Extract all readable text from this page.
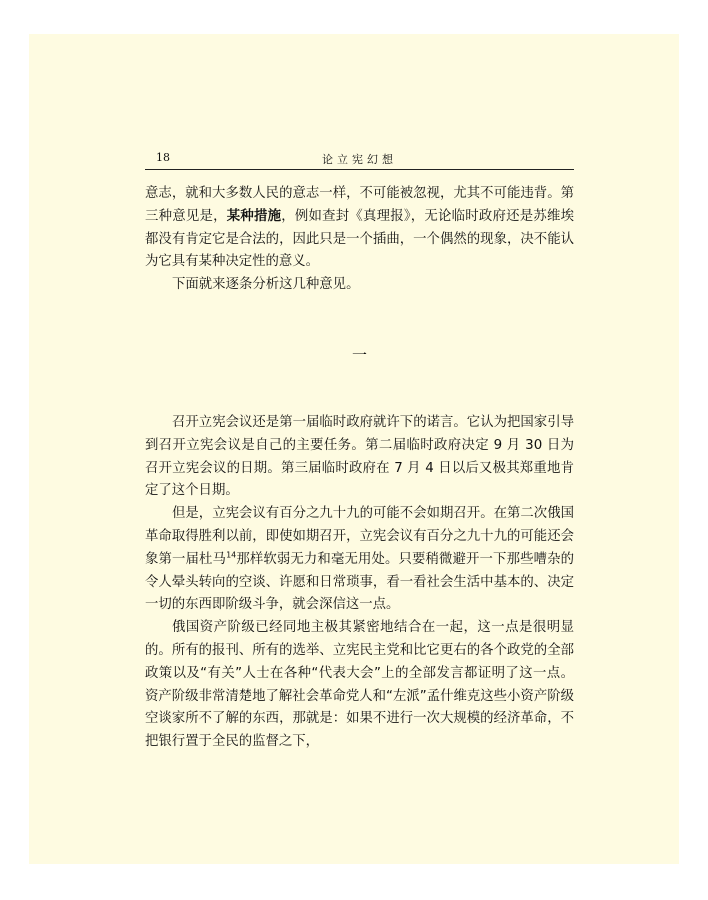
18	论立宪幻想

意志，就和大多数人民的意志一样，不可能被忽视，尤其不可能违背。第三种意见是，某种措施，例如查封《真理报》，无论临时政府还是苏维埃都没有肯定它是合法的，因此只是一个插曲，一个偶然的现象，决不能认为它具有某种决定性的意义。

下面就来逐条分析这几种意见。

一

召开立宪会议还是第一届临时政府就许下的诺言。它认为把国家引导到召开立宪会议是自己的主要任务。第二届临时政府决定 9 月 30 日为召开立宪会议的日期。第三届临时政府在 7 月 4 日以后又极其郑重地肯定了这个日期。

但是，立宪会议有百分之九十九的可能不会如期召开。在第二次俄国革命取得胜利以前，即使如期召开，立宪会议有百分之九十九的可能还会象第一届杜马$^{14}$那样软弱无力和毫无用处。只要稍微避开一下那些嘈杂的令人晕头转向的空谈、许愿和日常琐事，看一看社会生活中基本的、决定一切的东西即阶级斗争，就会深信这一点。

俄国资产阶级已经同地主极其紧密地结合在一起，这一点是很明显的。所有的报刊、所有的选举、立宪民主党和比它更右的各个政党的全部政策以及“有关”人士在各种“代表大会”上的全部发言都证明了这一点。资产阶级非常清楚地了解社会革命党人和“左派”孟什维克这些小资产阶级空谈家所不了解的东西，那就是：如果不进行一次大规模的经济革命，不把银行置于全民的监督之下，
